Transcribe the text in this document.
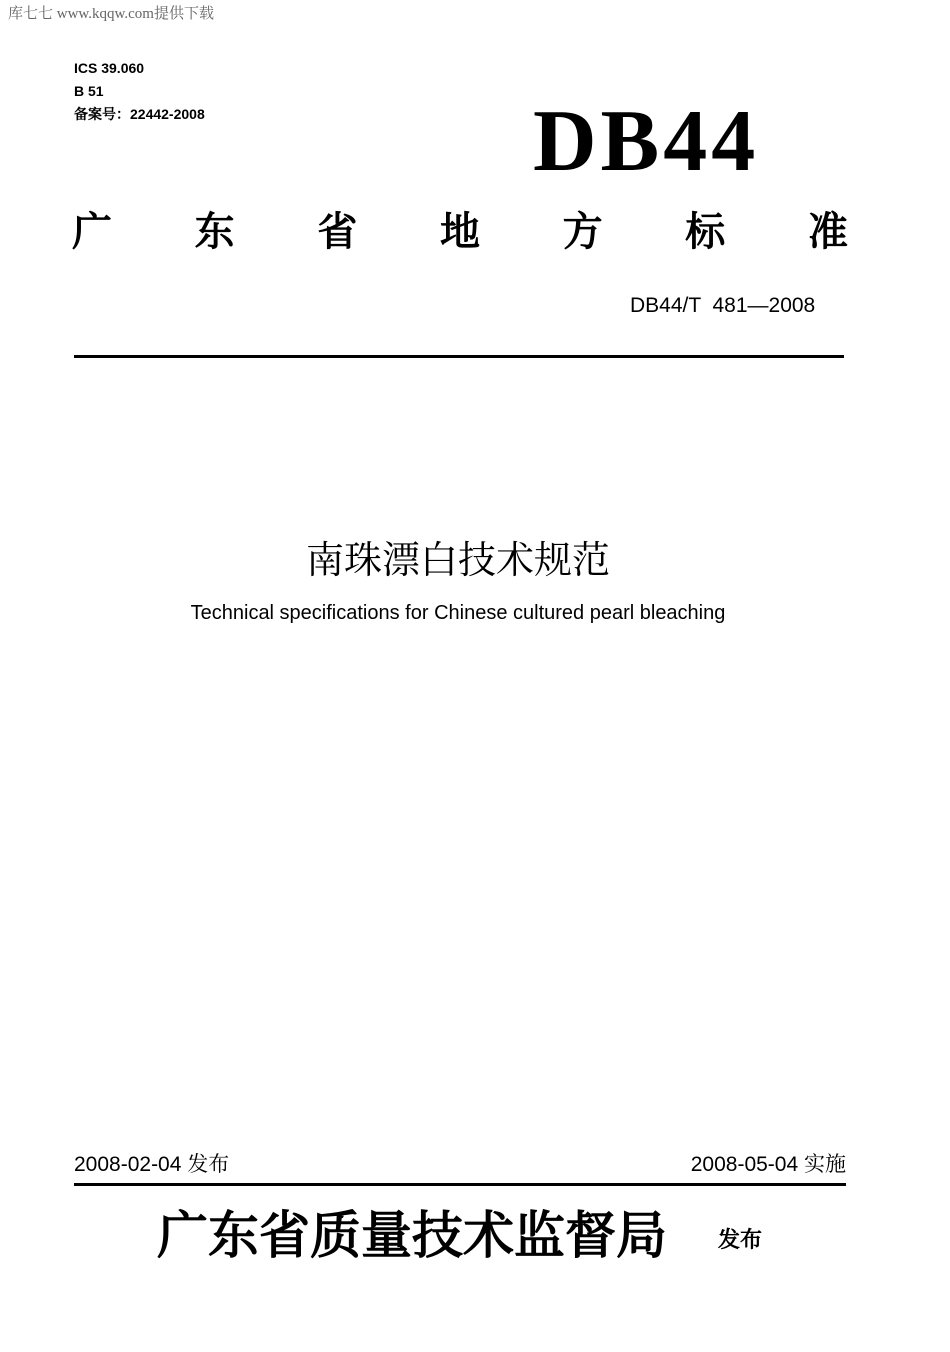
库七七 www.kqqw.com提供下载
ICS 39.060
B 51
备案号：22442-2008	DB44
广 东 省 地 方 标 准
DB44/T  481—2008
南珠漂白技术规范
Technical specifications for Chinese cultured pearl bleaching
2008-02-04 发布	2008-05-04 实施
广东省质量技术监督局 发布
